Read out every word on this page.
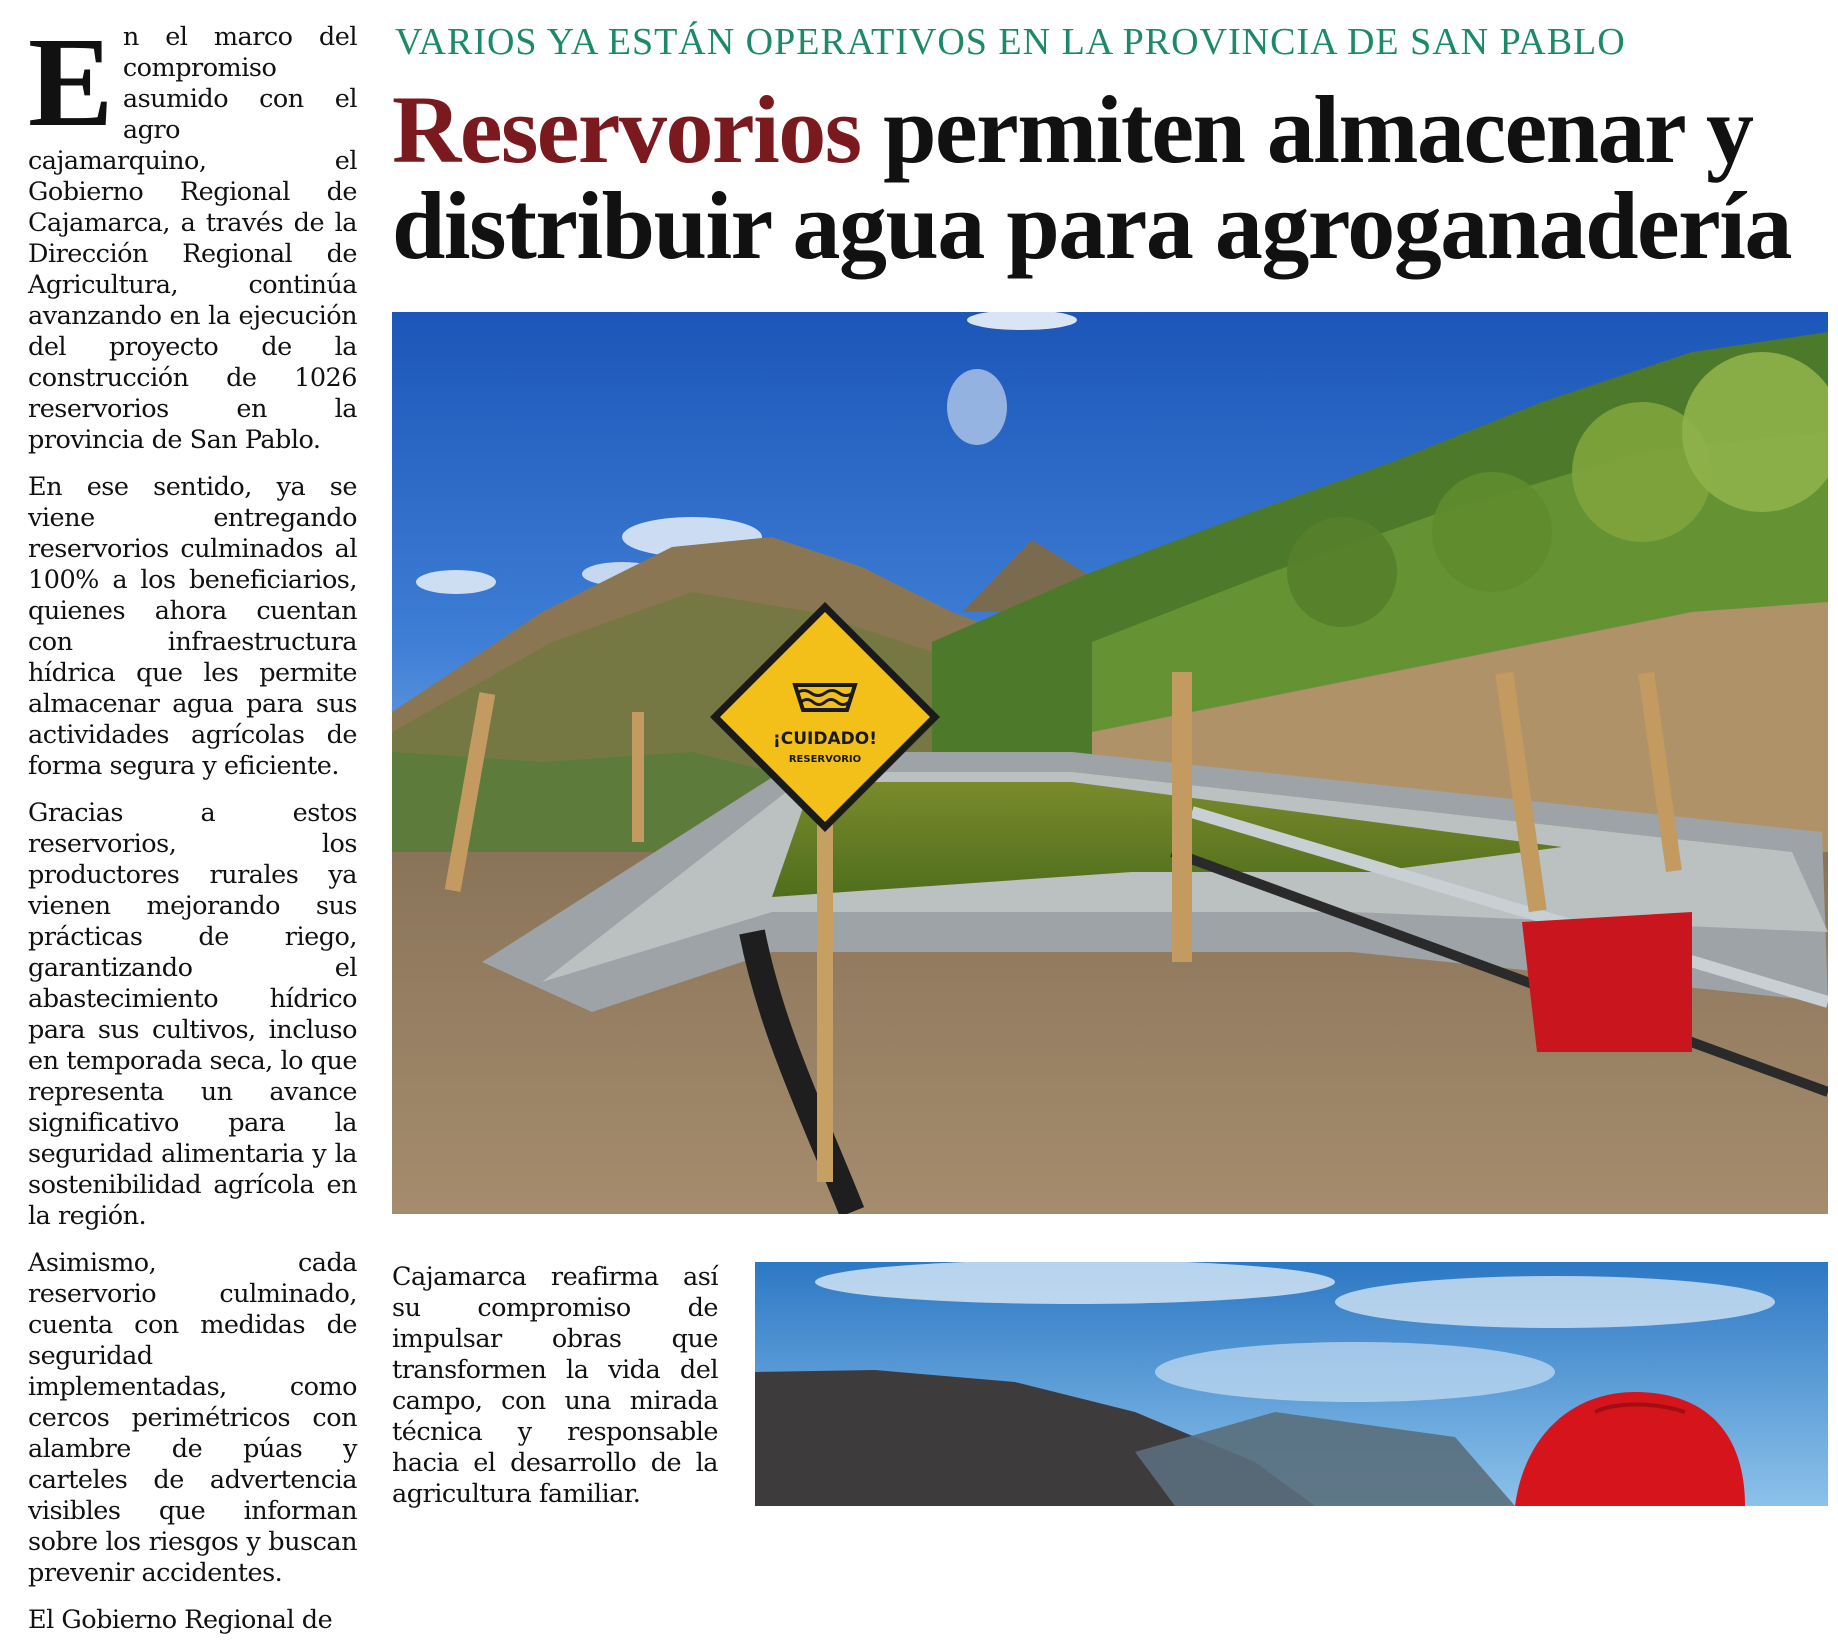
En el marco del compromiso asumido con el agro cajamarquino, el Gobierno Regional de Cajamarca, a través de la Dirección Regional de Agricultura, continúa avanzando en la ejecución del proyecto de la construcción de 1026 reservorios en la provincia de San Pablo.

En ese sentido, ya se viene entregando reservorios culminados al 100% a los beneficiarios, quienes ahora cuentan con infraestructura hídrica que les permite almacenar agua para sus actividades agrícolas de forma segura y eficiente.

Gracias a estos reservorios, los productores rurales ya vienen mejorando sus prácticas de riego, garantizando el abastecimiento hídrico para sus cultivos, incluso en temporada seca, lo que representa un avance significativo para la seguridad alimentaria y la sostenibilidad agrícola en la región.

Asimismo, cada reservorio culminado, cuenta con medidas de seguridad implementadas, como cercos perimétricos con alambre de púas y carteles de advertencia visibles que informan sobre los riesgos y buscan prevenir accidentes.

El Gobierno Regional de

VARIOS YA ESTÁN OPERATIVOS EN LA PROVINCIA DE SAN PABLO
Reservorios permiten almacenar y
distribuir agua para agroganadería
¡CUIDADO!
RESERVORIO

Cajamarca reafirma así su compromiso de impulsar obras que transformen la vida del campo, con una mirada técnica y responsable hacia el desarrollo de la agricultura familiar.
